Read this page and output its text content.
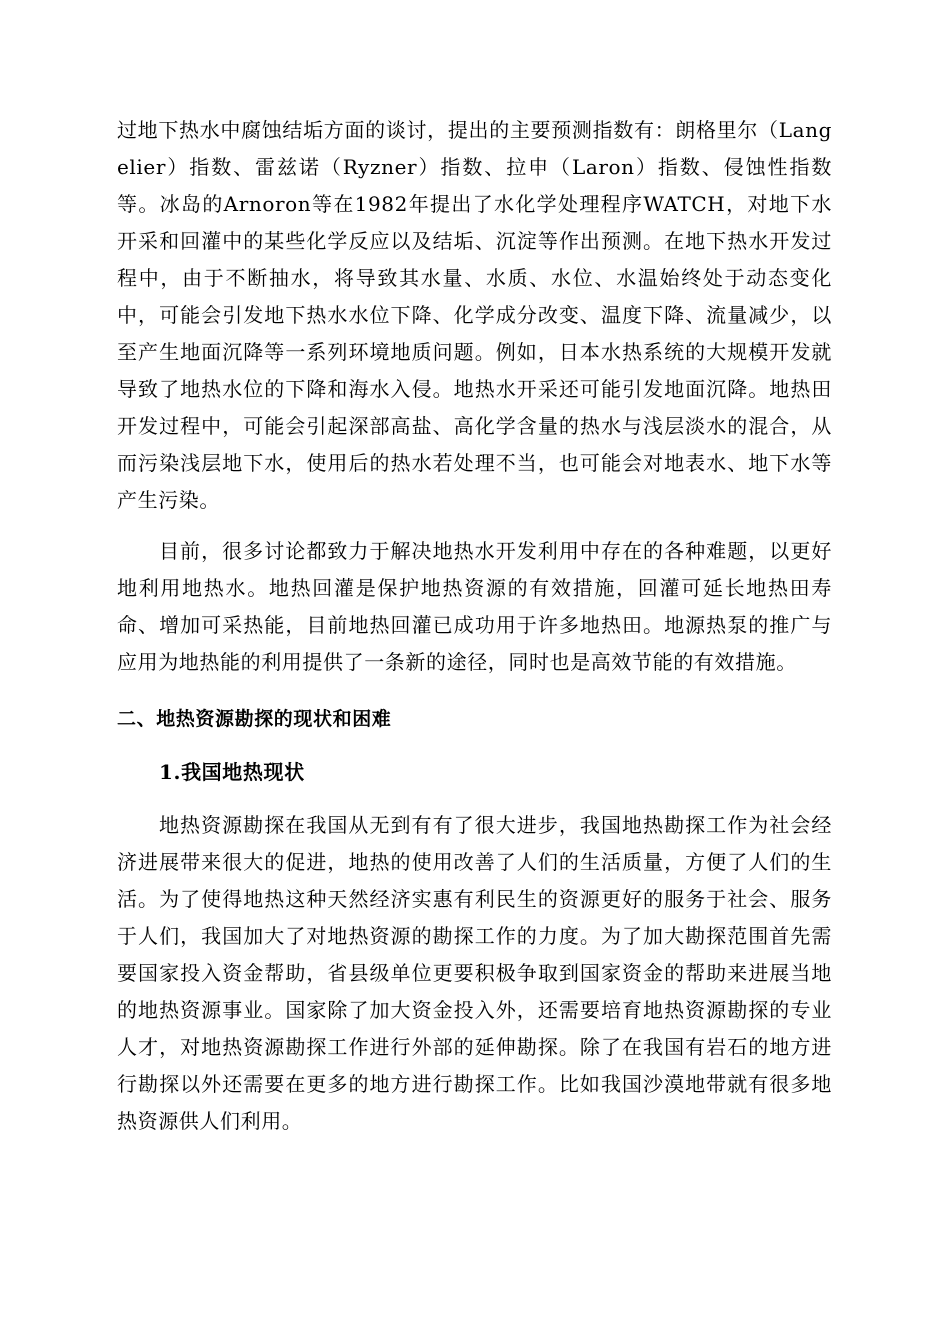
过地下热水中腐蚀结垢方面的谈讨，提出的主要预测指数有：朗格里尔（Langelier）指数、雷兹诺（Ryzner）指数、拉申（Laron）指数、侵蚀性指数等。冰岛的Arnoron等在1982年提出了水化学处理程序WATCH，对地下水开采和回灌中的某些化学反应以及结垢、沉淀等作出预测。在地下热水开发过程中，由于不断抽水，将导致其水量、水质、水位、水温始终处于动态变化中，可能会引发地下热水水位下降、化学成分改变、温度下降、流量减少，以至产生地面沉降等一系列环境地质问题。例如，日本水热系统的大规模开发就导致了地热水位的下降和海水入侵。地热水开采还可能引发地面沉降。地热田开发过程中，可能会引起深部高盐、高化学含量的热水与浅层淡水的混合，从而污染浅层地下水，使用后的热水若处理不当，也可能会对地表水、地下水等产生污染。

目前，很多讨论都致力于解决地热水开发利用中存在的各种难题，以更好地利用地热水。地热回灌是保护地热资源的有效措施，回灌可延长地热田寿命、增加可采热能，目前地热回灌已成功用于许多地热田。地源热泵的推广与应用为地热能的利用提供了一条新的途径，同时也是高效节能的有效措施。

二、地热资源勘探的现状和困难
1.我国地热现状

地热资源勘探在我国从无到有有了很大进步，我国地热勘探工作为社会经济进展带来很大的促进，地热的使用改善了人们的生活质量，方便了人们的生活。为了使得地热这种天然经济实惠有利民生的资源更好的服务于社会、服务于人们，我国加大了对地热资源的勘探工作的力度。为了加大勘探范围首先需要国家投入资金帮助，省县级单位更要积极争取到国家资金的帮助来进展当地的地热资源事业。国家除了加大资金投入外，还需要培育地热资源勘探的专业人才，对地热资源勘探工作进行外部的延伸勘探。除了在我国有岩石的地方进行勘探以外还需要在更多的地方进行勘探工作。比如我国沙漠地带就有很多地热资源供人们利用。
